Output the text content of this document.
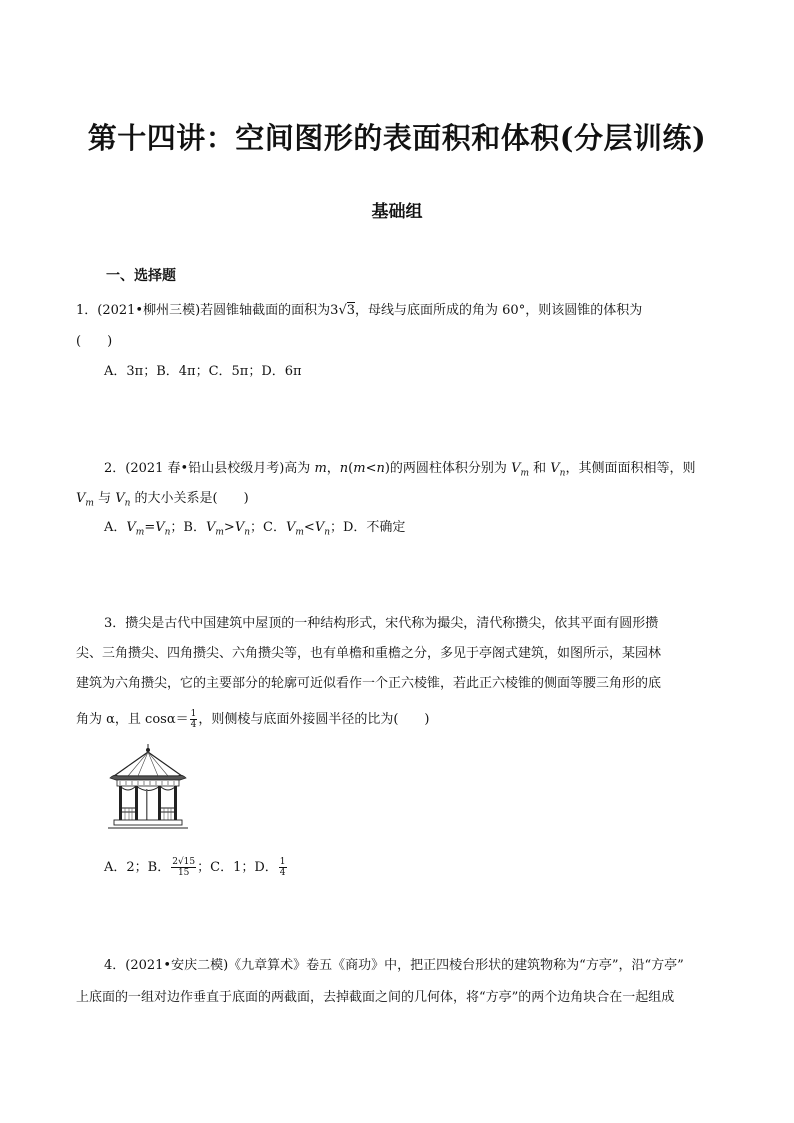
第十四讲：空间图形的表面积和体积(分层训练)
基础组
一、选择题
1．(2021•柳州三模)若圆锥轴截面的面积为3√3，母线与底面所成的角为 60°，则该圆锥的体积为
(　　)
A．3π；B．4π；C．5π；D．6π
2．(2021 春•铅山县校级月考)高为 m，n(m<n)的两圆柱体积分别为 $V_m$ 和 $V_n$，其侧面面积相等，则
$V_m$ 与 $V_n$ 的大小关系是(　　)
A．$V_m=V_n$；B．$V_m>V_n$；C．$V_m<V_n$；D．不确定
3．攒尖是古代中国建筑中屋顶的一种结构形式，宋代称为撮尖，清代称攒尖，依其平面有圆形攒
尖、三角攒尖、四角攒尖、六角攒尖等，也有单檐和重檐之分，多见于亭阁式建筑，如图所示，某园林
建筑为六角攒尖，它的主要部分的轮廓可近似看作一个正六棱锥，若此正六棱锥的侧面等腰三角形的底
角为 α，且 $\cos\alpha= \frac{1}{4}$ ，则侧棱与底面外接圆半径的比为(　　)
A．2；B． $\frac{2√15}{15}$ ；C．1；D． $\frac{1}{4}$
4．(2021•安庆二模)《九章算术》卷五《商功》中，把正四棱台形状的建筑物称为“方亭”，沿“方亭”
上底面的一组对边作垂直于底面的两截面，去掉截面之间的几何体，将“方亭”的两个边角块合在一起组成
